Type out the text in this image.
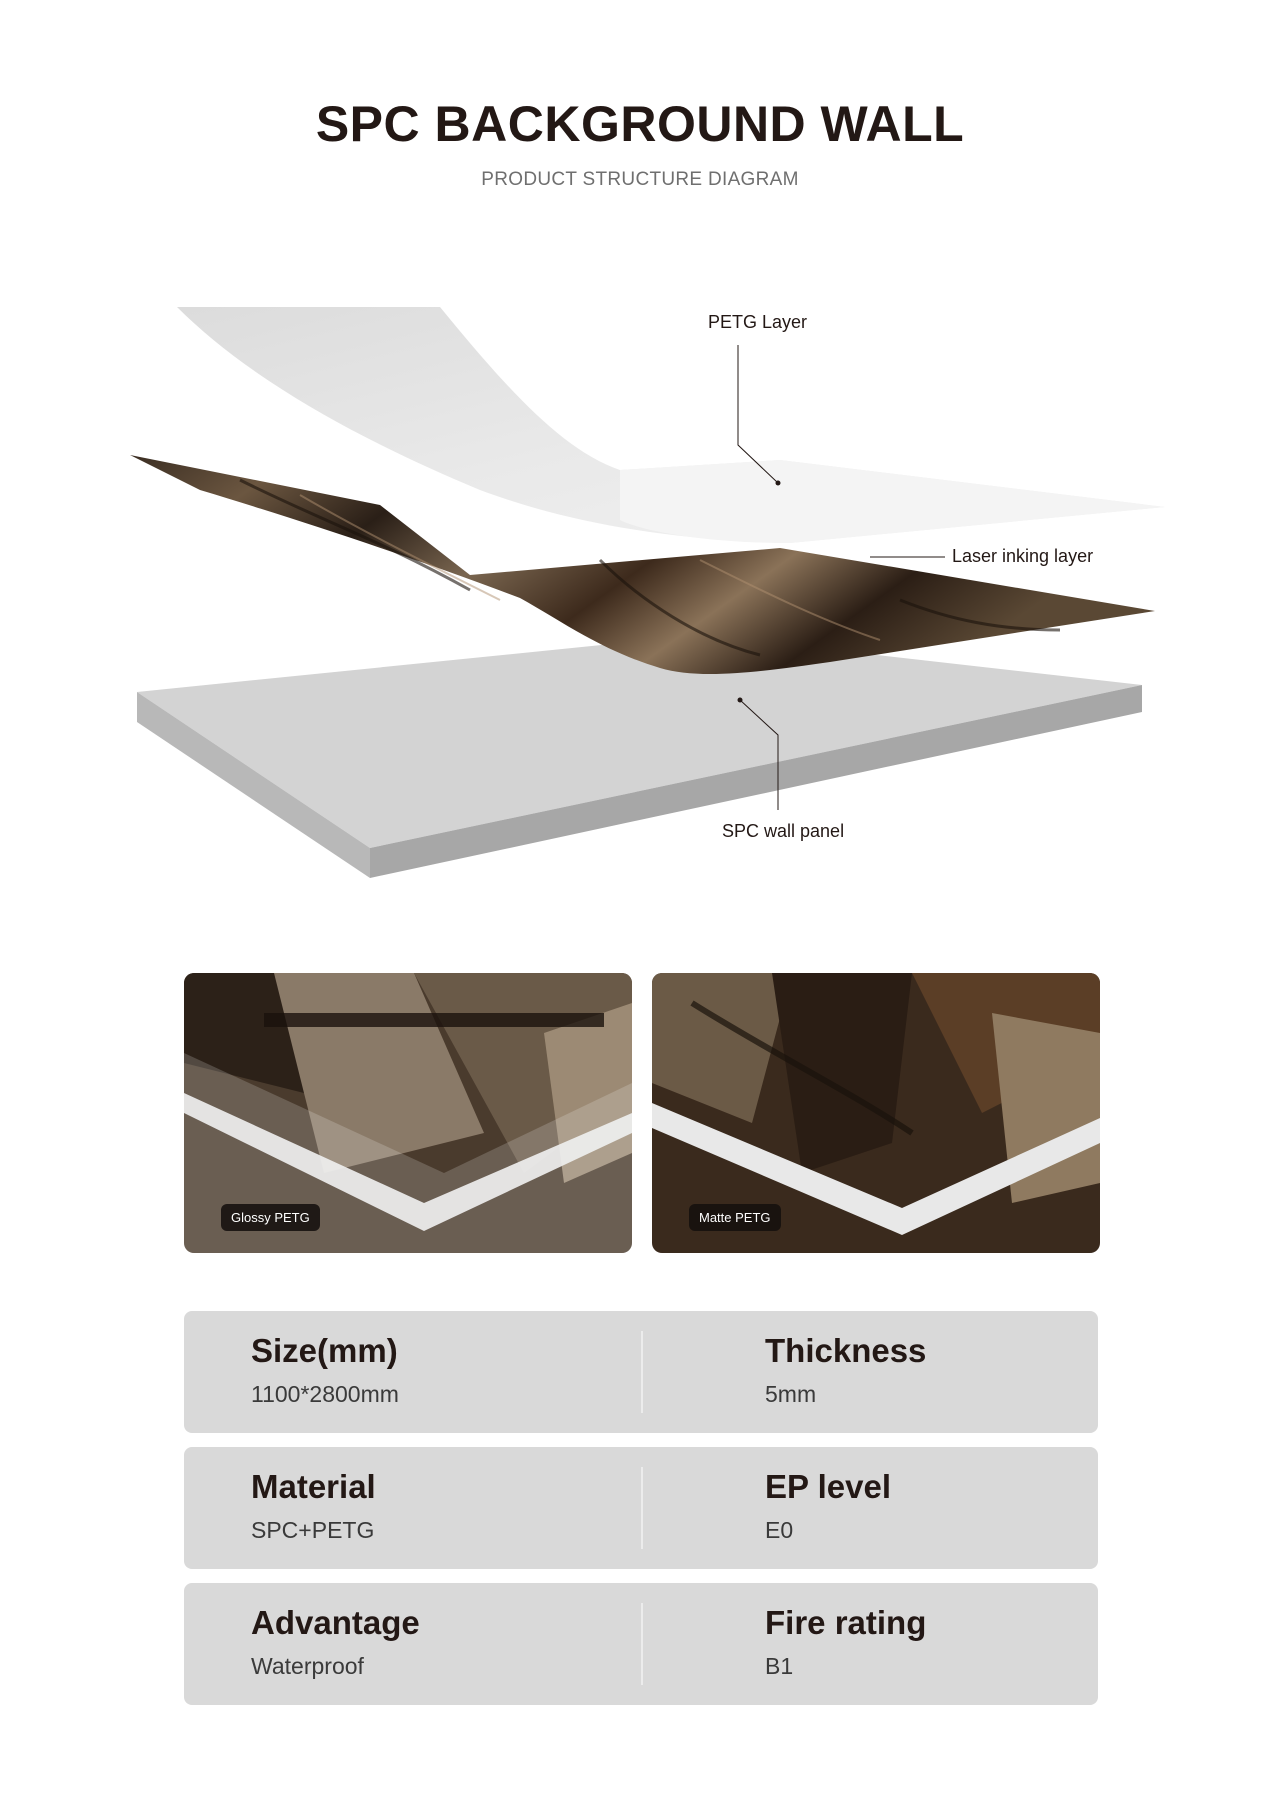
SPC BACKGROUND WALL
PRODUCT STRUCTURE DIAGRAM
PETG Layer
Laser inking layer
SPC wall panel
Glossy PETG	Matte PETG
Size(mm)
1100*2800mm
Thickness
5mm
Material
SPC+PETG
EP level
E0
Advantage
Waterproof
Fire rating
B1
